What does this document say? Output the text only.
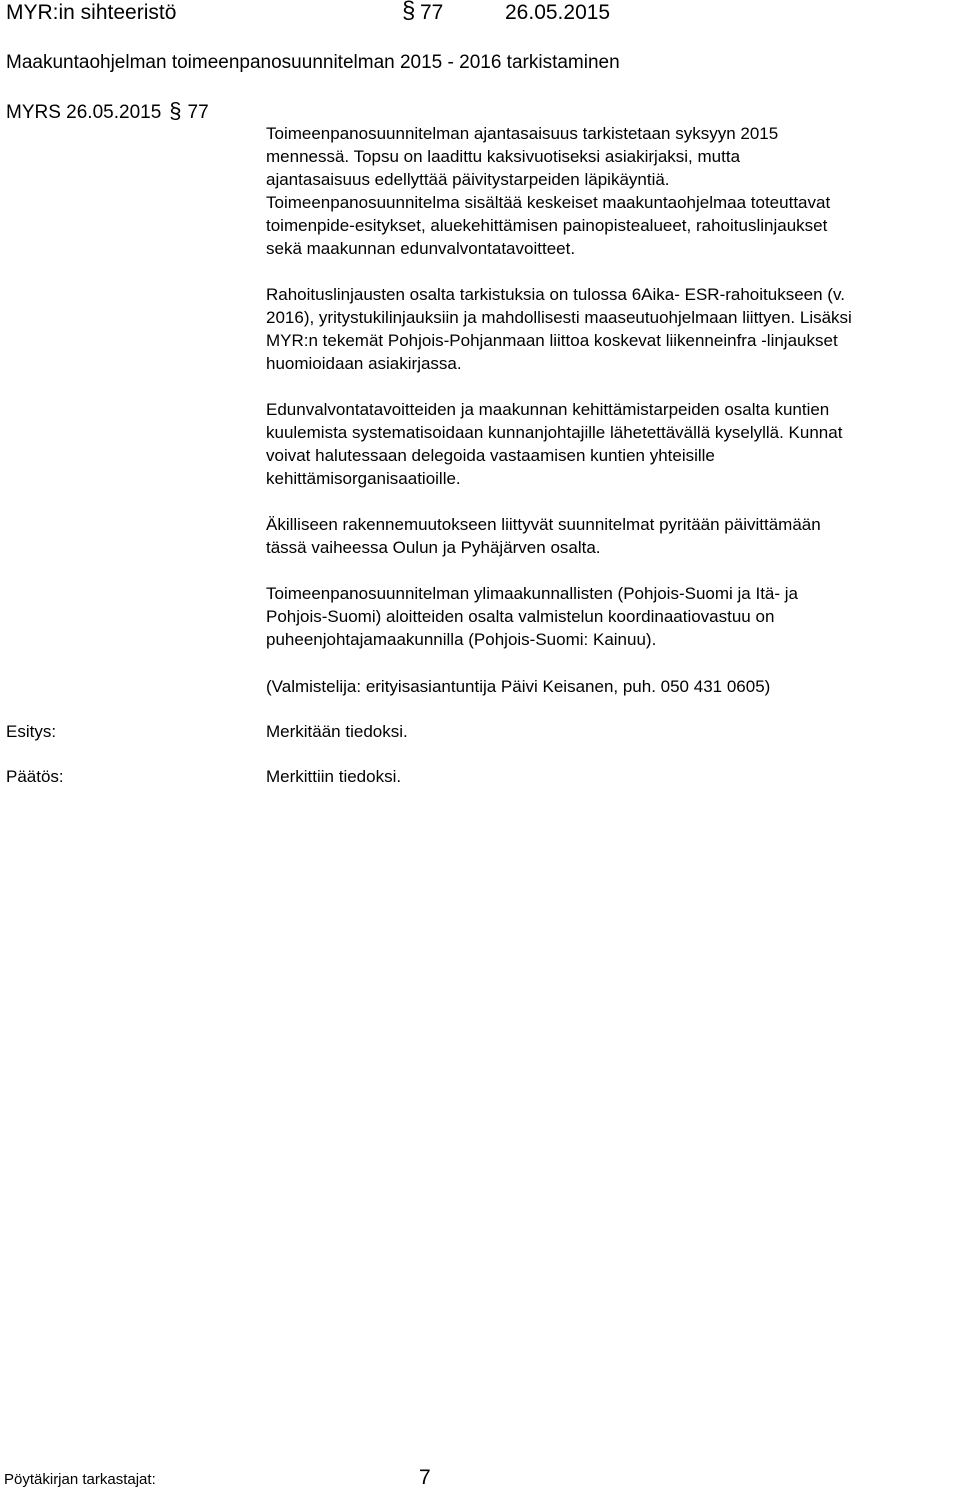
MYR:in sihteeristö	§ 77	26.05.2015
Maakuntaohjelman toimeenpanosuunnitelman 2015 - 2016 tarkistaminen
MYRS 26.05.2015 § 77

Toimeenpanosuunnitelman ajantasaisuus tarkistetaan syksyyn 2015

mennessä. Topsu on laadittu kaksivuotiseksi asiakirjaksi, mutta

ajantasaisuus edellyttää päivitystarpeiden läpikäyntiä.

Toimeenpanosuunnitelma sisältää keskeiset maakuntaohjelmaa toteuttavat

toimenpide-esitykset, aluekehittämisen painopistealueet, rahoituslinjaukset

sekä maakunnan edunvalvontatavoitteet.

Rahoituslinjausten osalta tarkistuksia on tulossa 6Aika- ESR-rahoitukseen (v.

2016), yritystukilinjauksiin ja mahdollisesti maaseutuohjelmaan liittyen. Lisäksi

MYR:n tekemät Pohjois-Pohjanmaan liittoa koskevat liikenneinfra -linjaukset

huomioidaan asiakirjassa.

Edunvalvontatavoitteiden ja maakunnan kehittämistarpeiden osalta kuntien

kuulemista systematisoidaan kunnanjohtajille lähetettävällä kyselyllä. Kunnat

voivat halutessaan delegoida vastaamisen kuntien yhteisille

kehittämisorganisaatioille.

Äkilliseen rakennemuutokseen liittyvät suunnitelmat pyritään päivittämään

tässä vaiheessa Oulun ja Pyhäjärven osalta.

Toimeenpanosuunnitelman ylimaakunnallisten (Pohjois-Suomi ja Itä- ja

Pohjois-Suomi) aloitteiden osalta valmistelun koordinaatiovastuu on

puheenjohtajamaakunnilla (Pohjois-Suomi: Kainuu).

(Valmistelija: erityisasiantuntija Päivi Keisanen, puh. 050 431 0605)

Esitys:	Merkitään tiedoksi.

Päätös:	Merkittiin tiedoksi.

Pöytäkirjan tarkastajat:	7
